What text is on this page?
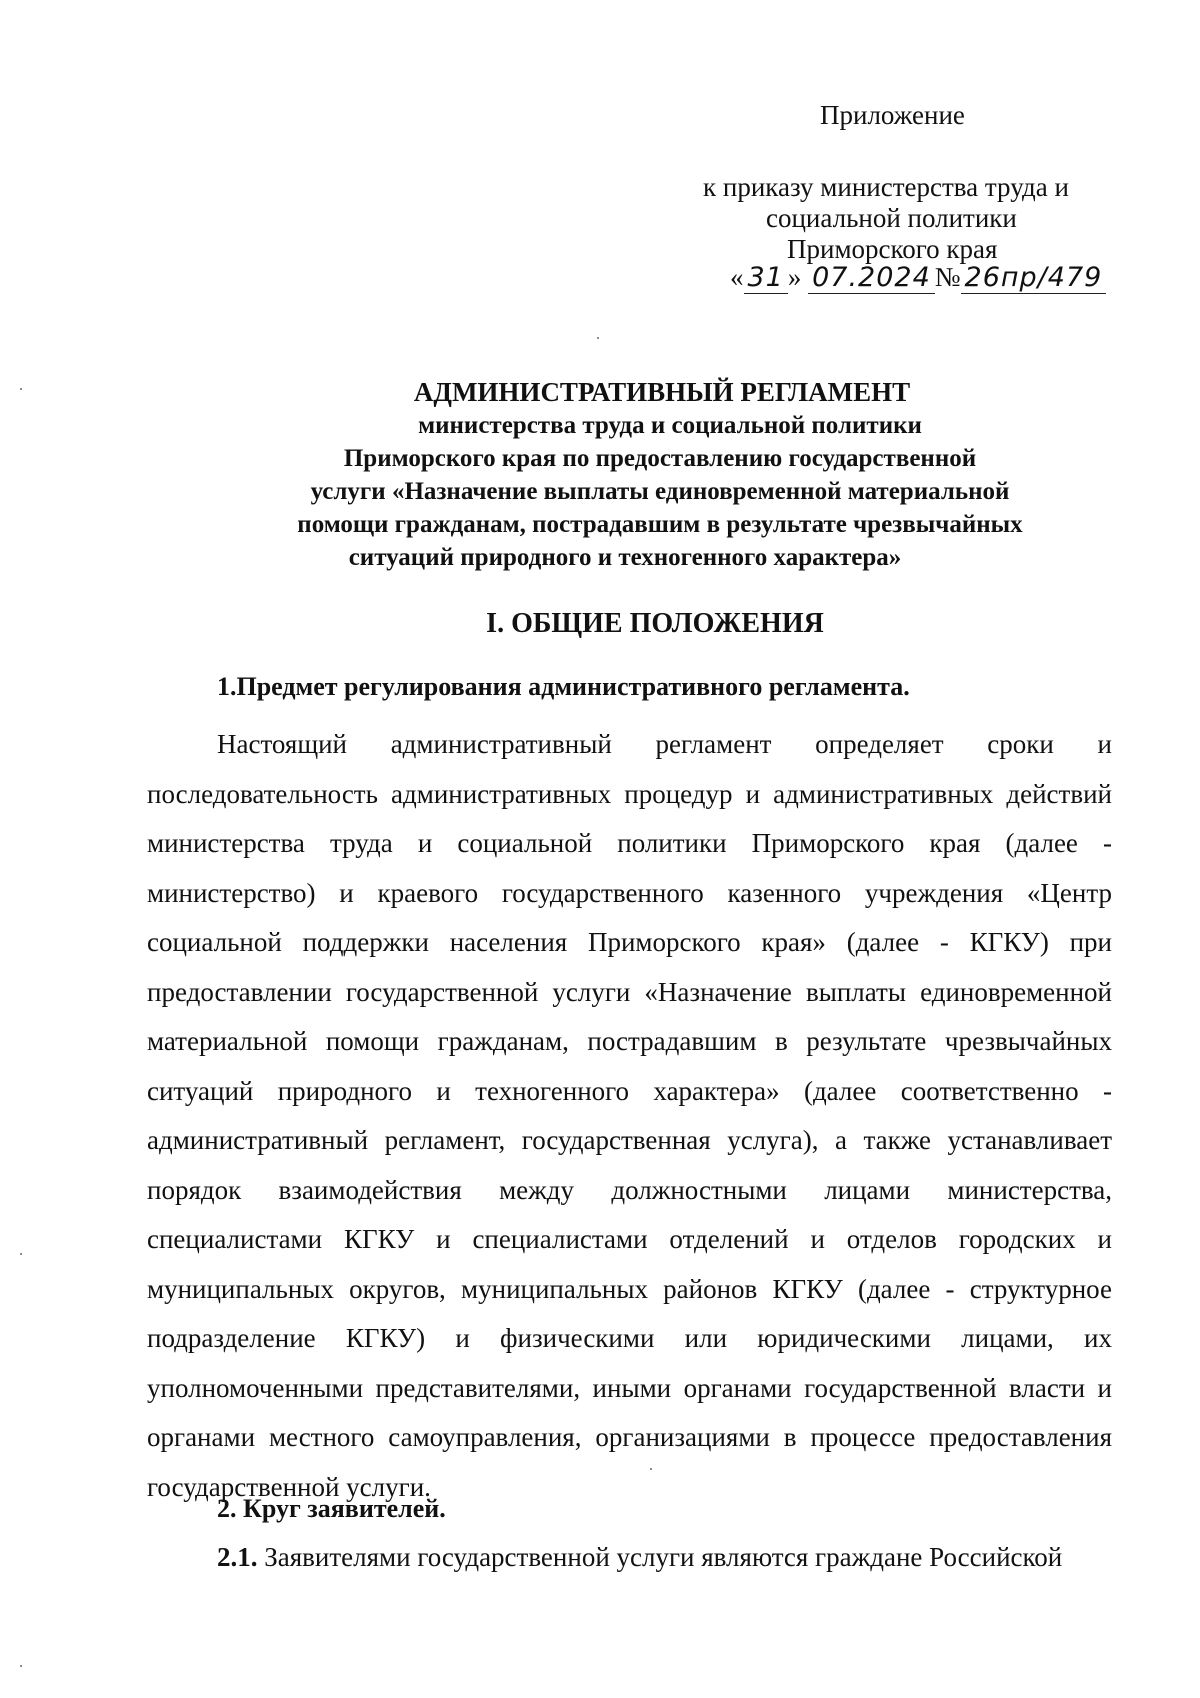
Приложение
к приказу министерства труда и
социальной политики
Приморского края
« 31 » 07.2024 № 26пр/479
АДМИНИСТРАТИВНЫЙ РЕГЛАМЕНТ
министерства труда и социальной политики
Приморского края по предоставлению государственной
услуги «Назначение выплаты единовременной материальной
помощи гражданам, пострадавшим в результате чрезвычайных
ситуаций природного и техногенного характера»
I. ОБЩИЕ ПОЛОЖЕНИЯ
1.Предмет регулирования административного регламента.
Настоящий административный регламент определяет сроки и последовательность административных процедур и административных действий министерства труда и социальной политики Приморского края (далее - министерство) и краевого государственного казенного учреждения «Центр социальной поддержки населения Приморского края» (далее - КГКУ) при предоставлении государственной услуги «Назначение выплаты единовременной материальной помощи гражданам, пострадавшим в результате чрезвычайных ситуаций природного и техногенного характера» (далее соответственно - административный регламент, государственная услуга), а также устанавливает порядок взаимодействия между должностными лицами министерства, специалистами КГКУ и специалистами отделений и отделов городских и муниципальных округов, муниципальных районов КГКУ (далее - структурное подразделение КГКУ) и физическими или юридическими лицами, их уполномоченными представителями, иными органами государственной власти и органами местного самоуправления, организациями в процессе предоставления государственной услуги.
2. Круг заявителей.
2.1. Заявителями государственной услуги являются граждане Российской
